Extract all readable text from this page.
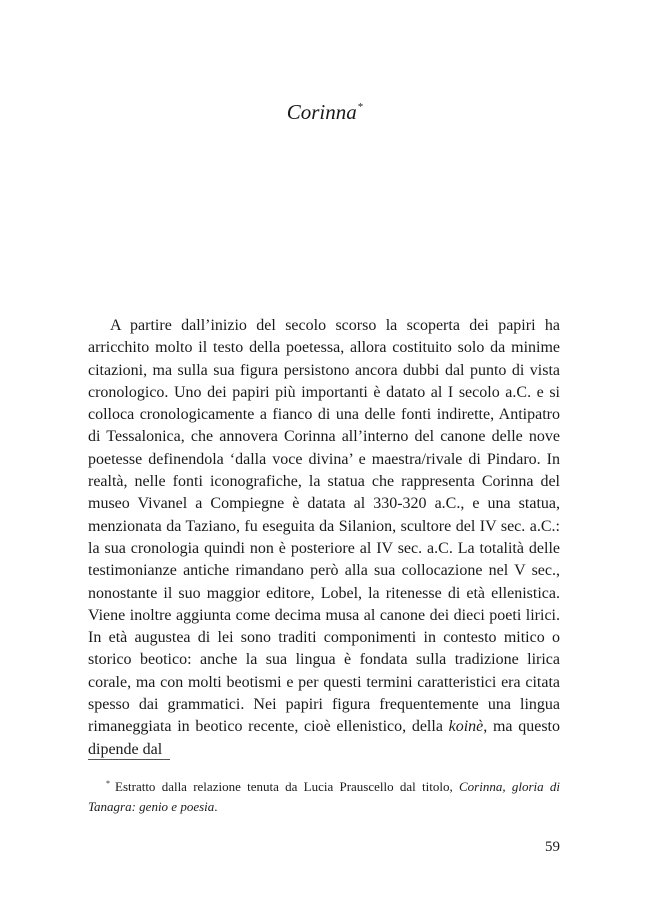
Corinna*

A partire dall’inizio del secolo scorso la scoperta dei papiri ha arricchito molto il testo della poetessa, allora costituito solo da minime citazioni, ma sulla sua figura persistono ancora dubbi dal punto di vista cronologico. Uno dei papiri più importanti è datato al I secolo a.C. e si colloca cronologicamente a fianco di una delle fonti indirette, Antipatro di Tessalonica, che annovera Corinna all’interno del canone delle nove poetesse definendola ‘dalla voce divina’ e maestra/rivale di Pindaro. In realtà, nelle fonti iconografiche, la statua che rappresenta Corinna del museo Vivanel a Compiegne è datata al 330-320 a.C., e una statua, menzionata da Taziano, fu eseguita da Silanion, scultore del IV sec. a.C.: la sua cronologia quindi non è posteriore al IV sec. a.C. La totalità delle testimonianze antiche rimandano però alla sua collocazione nel V sec., nonostante il suo maggior editore, Lobel, la ritenesse di età ellenistica. Viene inoltre aggiunta come decima musa al canone dei dieci poeti lirici. In età augustea di lei sono traditi componimenti in contesto mitico o storico beotico: anche la sua lingua è fondata sulla tradizione lirica corale, ma con molti beotismi e per questi termini caratteristici era citata spesso dai grammatici. Nei papiri figura frequentemente una lingua rimaneggiata in beotico recente, cioè ellenistico, della koinè, ma questo dipende dal

* Estratto dalla relazione tenuta da Lucia Prauscello dal titolo, Corinna, gloria di Tanagra: genio e poesia.

59
